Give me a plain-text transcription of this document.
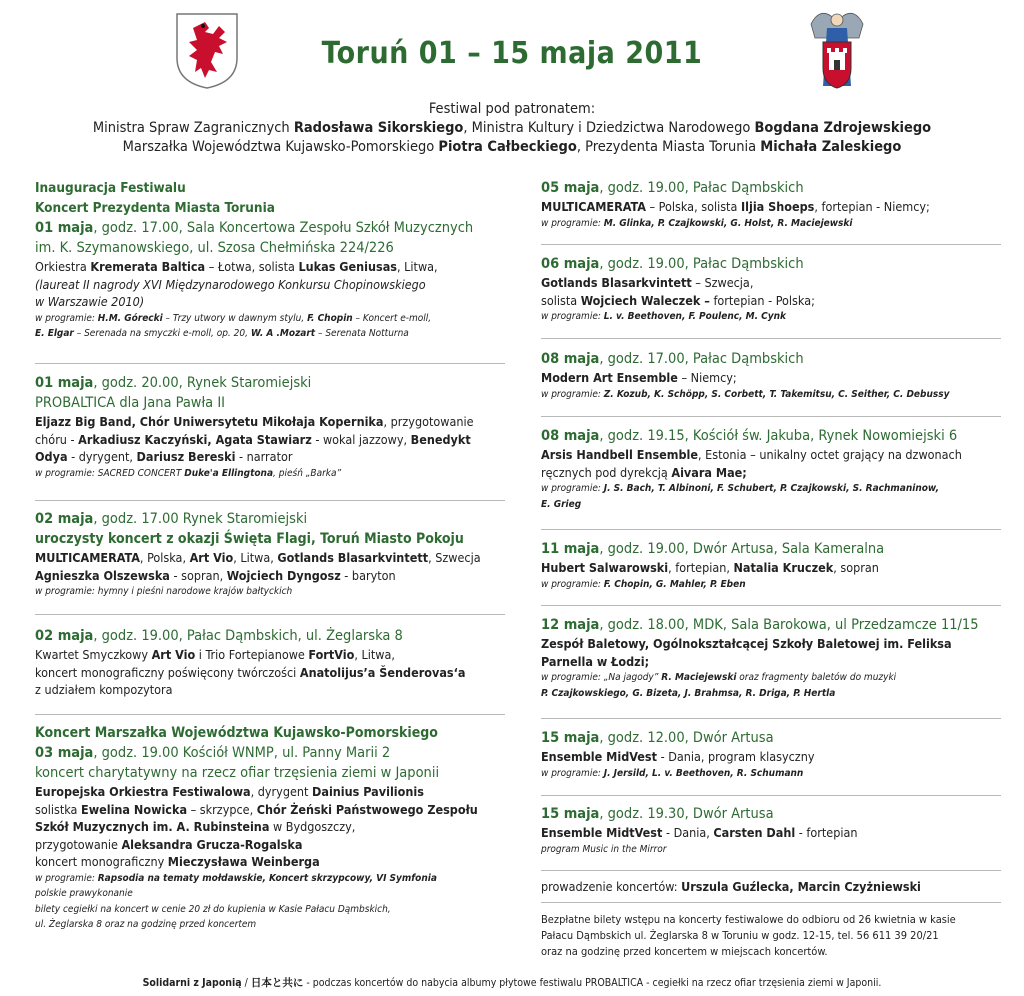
Toruń 01 – 15 maja 2011
Festiwal pod patronatem:
Ministra Spraw Zagranicznych Radosława Sikorskiego, Ministra Kultury i Dziedzictwa Narodowego Bogdana Zdrojewskiego
Marszałka Województwa Kujawsko-Pomorskiego Piotra Całbeckiego, Prezydenta Miasta Torunia Michała Zaleskiego
Inauguracja Festiwalu
Koncert Prezydenta Miasta Torunia
01 maja, godz. 17.00, Sala Koncertowa Zespołu Szkół Muzycznych
im. K. Szymanowskiego, ul. Szosa Chełmińska 224/226
Orkiestra Kremerata Baltica – Łotwa, solista Lukas Geniusas, Litwa,
(laureat II nagrody XVI Międzynarodowego Konkursu Chopinowskiego
w Warszawie 2010)
w programie: H.M. Górecki – Trzy utwory w dawnym stylu, F. Chopin – Koncert e-moll,
E. Elgar – Serenada na smyczki e-moll, op. 20, W. A .Mozart – Serenata Notturna
01 maja, godz. 20.00, Rynek Staromiejski
PROBALTICA dla Jana Pawła II
Eljazz Big Band, Chór Uniwersytetu Mikołaja Kopernika, przygotowanie
chóru - Arkadiusz Kaczyński, Agata Stawiarz - wokal jazzowy, Benedykt
Odya - dyrygent, Dariusz Bereski - narrator
w programie: SACRED CONCERT Duke'a Ellingtona, pieśń „Barka”
02 maja, godz. 17.00 Rynek Staromiejski
uroczysty koncert z okazji Święta Flagi, Toruń Miasto Pokoju
MULTICAMERATA, Polska, Art Vio, Litwa, Gotlands Blasarkvintett, Szwecja
Agnieszka Olszewska - sopran, Wojciech Dyngosz - baryton
w programie: hymny i pieśni narodowe krajów bałtyckich
02 maja, godz. 19.00, Pałac Dąmbskich, ul. Żeglarska 8
Kwartet Smyczkowy Art Vio i Trio Fortepianowe FortVio, Litwa,
koncert monograficzny poświęcony twórczości Anatolijus’a Šenderovas‘a
z udziałem kompozytora
Koncert Marszałka Województwa Kujawsko-Pomorskiego
03 maja, godz. 19.00 Kościół WNMP, ul. Panny Marii 2
koncert charytatywny na rzecz ofiar trzęsienia ziemi w Japonii
Europejska Orkiestra Festiwalowa, dyrygent Dainius Pavilionis
solistka Ewelina Nowicka – skrzypce, Chór Żeński Państwowego Zespołu
Szkół Muzycznych im. A. Rubinsteina w Bydgoszczy,
przygotowanie Aleksandra Grucza-Rogalska
koncert monograficzny Mieczysława Weinberga
w programie: Rapsodia na tematy mołdawskie, Koncert skrzypcowy, VI Symfonia
polskie prawykonanie
bilety cegiełki na koncert w cenie 20 zł do kupienia w Kasie Pałacu Dąmbskich,
ul. Żeglarska 8 oraz na godzinę przed koncertem
05 maja, godz. 19.00, Pałac Dąmbskich
MULTICAMERATA – Polska, solista Iljia Shoeps, fortepian - Niemcy;
w programie: M. Glinka, P. Czajkowski, G. Holst, R. Maciejewski
06 maja, godz. 19.00, Pałac Dąmbskich
Gotlands Blasarkvintett – Szwecja,
solista Wojciech Waleczek – fortepian - Polska;
w programie: L. v. Beethoven, F. Poulenc, M. Cynk
08 maja, godz. 17.00, Pałac Dąmbskich
Modern Art Ensemble – Niemcy;
w programie: Z. Kozub, K. Schöpp, S. Corbett, T. Takemitsu, C. Seither, C. Debussy
08 maja, godz. 19.15, Kościół św. Jakuba, Rynek Nowomiejski 6
Arsis Handbell Ensemble, Estonia – unikalny octet grający na dzwonach
ręcznych pod dyrekcją Aivara Mae;
w programie: J. S. Bach, T. Albinoni, F. Schubert, P. Czajkowski, S. Rachmaninow,
E. Grieg
11 maja, godz. 19.00, Dwór Artusa, Sala Kameralna
Hubert Salwarowski, fortepian, Natalia Kruczek, sopran
w programie: F. Chopin, G. Mahler, P. Eben
12 maja, godz. 18.00, MDK, Sala Barokowa, ul Przedzamcze 11/15
Zespół Baletowy, Ogólnokształcącej Szkoły Baletowej im. Feliksa
Parnella w Łodzi;
w programie: „Na jagody” R. Maciejewski oraz fragmenty baletów do muzyki
P. Czajkowskiego, G. Bizeta, J. Brahmsa, R. Driga, P. Hertla
15 maja, godz. 12.00, Dwór Artusa
Ensemble MidVest - Dania, program klasyczny
w programie: J. Jersild, L. v. Beethoven, R. Schumann
15 maja, godz. 19.30, Dwór Artusa
Ensemble MidtVest - Dania, Carsten Dahl - fortepian
program Music in the Mirror
prowadzenie koncertów: Urszula Guźlecka, Marcin Czyżniewski
Bezpłatne bilety wstępu na koncerty festiwalowe do odbioru od 26 kwietnia w kasie
Pałacu Dąmbskich ul. Żeglarska 8 w Toruniu w godz. 12-15, tel. 56 611 39 20/21
oraz na godzinę przed koncertem w miejscach koncertów.
Solidarni z Japonią / 日本と共に - podczas koncertów do nabycia albumy płytowe festiwalu PROBALTICA - cegiełki na rzecz ofiar trzęsienia ziemi w Japonii.
